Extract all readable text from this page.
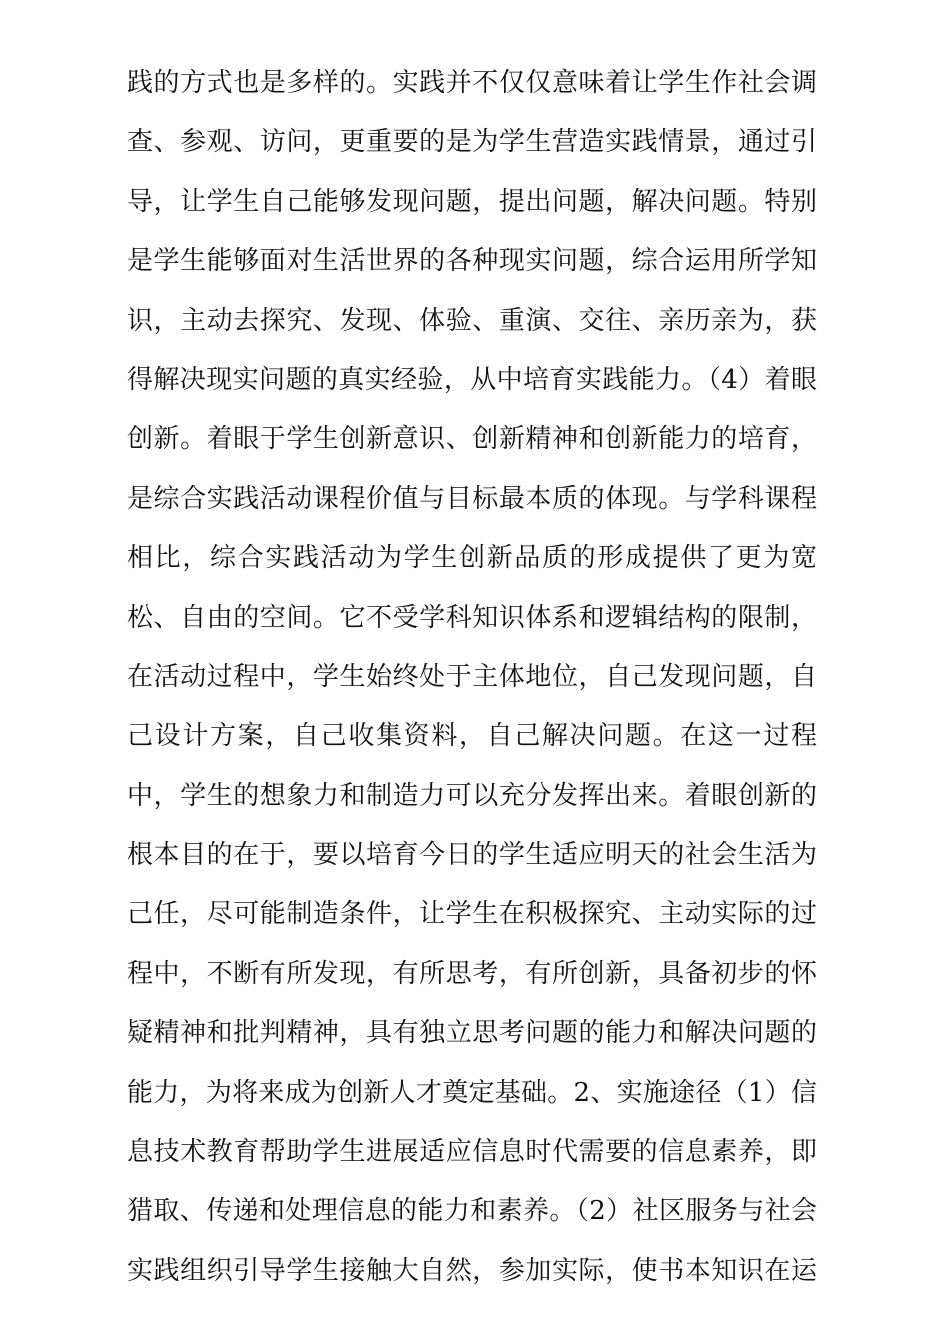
践的方式也是多样的。实践并不仅仅意味着让学生作社会调
查、参观、访问，更重要的是为学生营造实践情景，通过引
导，让学生自己能够发现问题，提出问题，解决问题。特别
是学生能够面对生活世界的各种现实问题，综合运用所学知
识，主动去探究、发现、体验、重演、交往、亲历亲为，获
得解决现实问题的真实经验，从中培育实践能力。（4）着眼
创新。着眼于学生创新意识、创新精神和创新能力的培育，
是综合实践活动课程价值与目标最本质的体现。与学科课程
相比，综合实践活动为学生创新品质的形成提供了更为宽
松、自由的空间。它不受学科知识体系和逻辑结构的限制，
在活动过程中，学生始终处于主体地位，自己发现问题，自
己设计方案，自己收集资料，自己解决问题。在这一过程
中，学生的想象力和制造力可以充分发挥出来。着眼创新的
根本目的在于，要以培育今日的学生适应明天的社会生活为
己任，尽可能制造条件，让学生在积极探究、主动实际的过
程中，不断有所发现，有所思考，有所创新，具备初步的怀
疑精神和批判精神，具有独立思考问题的能力和解决问题的
能力，为将来成为创新人才奠定基础。2、实施途径（1）信
息技术教育帮助学生进展适应信息时代需要的信息素养，即
猎取、传递和处理信息的能力和素养。（2）社区服务与社会
实践组织引导学生接触大自然，参加实际，使书本知识在运
